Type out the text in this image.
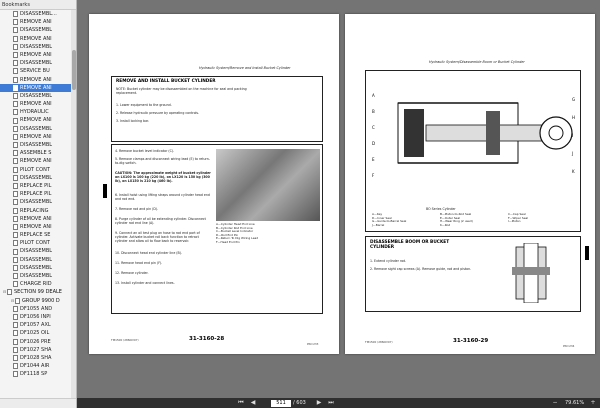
Bookmarks
DISASSEMBL...
REMOVE ANI
DISASSEMBL
REMOVE ANI
DISASSEMBL
REMOVE ANI
DISASSEMBL
SERVICE BU
REMOVE ANI
REMOVE ANI
DISASSEMBL
REMOVE ANI
HYDRAULIC
REMOVE ANI
DISASSEMBL
REMOVE ANI
DISASSEMBL
ASSEMBLE S
REMOVE ANI
PILOT CONT
DISASSEMBL
REPLACE PIL
REPLACE PIL
DISASSEMBL
REPLACING
REMOVE ANI
REMOVE ANI
REPLACE SE
PILOT CONT
DISASSEMBL
DISASSEMBL
DISASSEMBL
DISASSEMBL
CHARGE RID
⊟ SECTION 99 DEALE
⊟ GROUP 9900 D
DF1055 AND
DF1056 INPI
DF1057 AXL
DF1025 OIL
DF1026 PRE
DF1027 SHA
DF1028 SHA
DF1044 AIR
DF1118 SP
Hydraulic System/Remove and Install Bucket Cylinder
REMOVE AND INSTALL BUCKET CYLINDER
NOTE: Bucket cylinder may be disassembled on the machine for seal and packing replacement.
1. Lower equipment to the ground.
2. Release hydraulic pressure by operating controls.
3. Install locking bar.
4. Remove bucket level indicator (C).
5. Remove clamps and disconnect wiring lead (E) to return-to-dig switch.
CAUTION: The approximate weight of bucket cylinder on LX100 is 100 kg (220 lb), on LX120 is 150 kg (300 lb), on LX150 is 210 kg (460 lb).
6. Install hoist using lifting straps around cylinder head end and rod end.
7. Remove rod and pin (D).
8. Purge cylinder of oil be extending cylinder. Disconnect cylinder rod end line (A).
9. Connect an oil test plug on hose to rod end port of cylinder. Activate bucket roll back function to retract cylinder and allow oil to flow back to reservoir.
10. Disconnect head end cylinder line (B).
11. Remove head end pin (F).
12. Remove cylinder.
13. Install cylinder and connect lines.
A—Cylinder Head End Line
B—Cylinder Rod End Line
C—Bucket Level Indicator
D—Rod End Pin
E—Return To Dig Wiring Lead
F—Head End Pin
TM1500 (28NOV97)	31-3160-28
PN=233
Hydraulic System/Disassemble Boom or Bucket Cylinder
A
B
C
D
E
F
G
H
I
J
K
BO Series Cylinder
A—Key	B—Piston-to-Rod Seal	C—Cap Seal
D—Inner Seal	E—Outer Seal	F—Wiper Seal
G—Guide-to-Barrel Seal	H—Wear Ring (2 used)	I—Piston
J—Barrel	K—Rod
DISASSEMBLE BOOM OR BUCKET CYLINDER
1. Extend cylinder rod.
2. Remove sight cap screws (A). Remove guide, rod and piston.
TM1500 (28NOV97)	31-3160-29
PN=234
⏮ ◀	511	/ 603 ▶ ⏭	− 79.61% +
